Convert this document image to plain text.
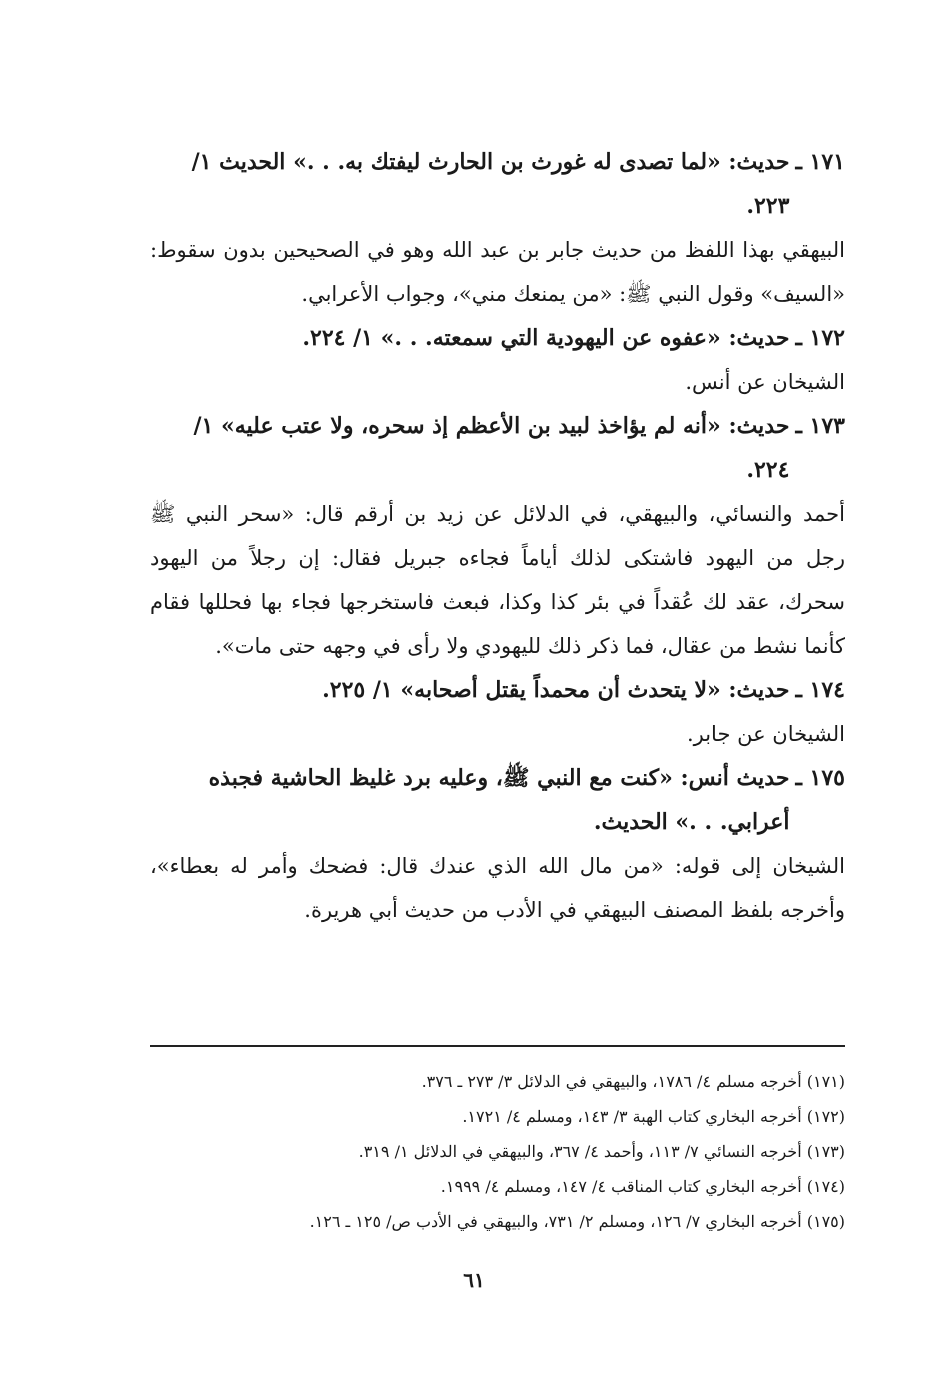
١٧١ ـ
حديث: «لما تصدى له غورث بن الحارث ليفتك به. . .» الحديث ١/ ٢٢٣.
البيهقي بهذا اللفظ من حديث جابر بن عبد الله وهو في الصحيحين بدون سقوط: «السيف» وقول النبي ﷺ: «من يمنعك مني»، وجواب الأعرابي.
١٧٢ ـ
حديث: «عفوه عن اليهودية التي سمعته. . .» ١/ ٢٢٤.
الشيخان عن أنس.
١٧٣ ـ
حديث: «أنه لم يؤاخذ لبيد بن الأعظم إذ سحره، ولا عتب عليه» ١/ ٢٢٤.
أحمد والنسائي، والبيهقي، في الدلائل عن زيد بن أرقم قال: «سحر النبي ﷺ رجل من اليهود فاشتكى لذلك أياماً فجاءه جبريل فقال: إن رجلاً من اليهود سحرك، عقد لك عُقداً في بئر كذا وكذا، فبعث فاستخرجها فجاء بها فحللها فقام كأنما نشط من عقال، فما ذكر ذلك لليهودي ولا رأى في وجهه حتى مات».
١٧٤ ـ
حديث: «لا يتحدث أن محمداً يقتل أصحابه» ١/ ٢٢٥.
الشيخان عن جابر.
١٧٥ ـ
حديث أنس: «كنت مع النبي ﷺ، وعليه برد غليظ الحاشية فجبذه أعرابي. . .» الحديث.
الشيخان إلى قوله: «من مال الله الذي عندك قال: فضحك وأمر له بعطاء»، وأخرجه بلفظ المصنف البيهقي في الأدب من حديث أبي هريرة.
(١٧١) أخرجه مسلم ٤/ ١٧٨٦، والبيهقي في الدلائل ٣/ ٢٧٣ ـ ٣٧٦.
(١٧٢) أخرجه البخاري كتاب الهبة ٣/ ١٤٣، ومسلم ٤/ ١٧٢١.
(١٧٣) أخرجه النسائي ٧/ ١١٣، وأحمد ٤/ ٣٦٧، والبيهقي في الدلائل ١/ ٣١٩.
(١٧٤) أخرجه البخاري كتاب المناقب ٤/ ١٤٧، ومسلم ٤/ ١٩٩٩.
(١٧٥) أخرجه البخاري ٧/ ١٢٦، ومسلم ٢/ ٧٣١، والبيهقي في الأدب ص/ ١٢٥ ـ ١٢٦.
٦١
